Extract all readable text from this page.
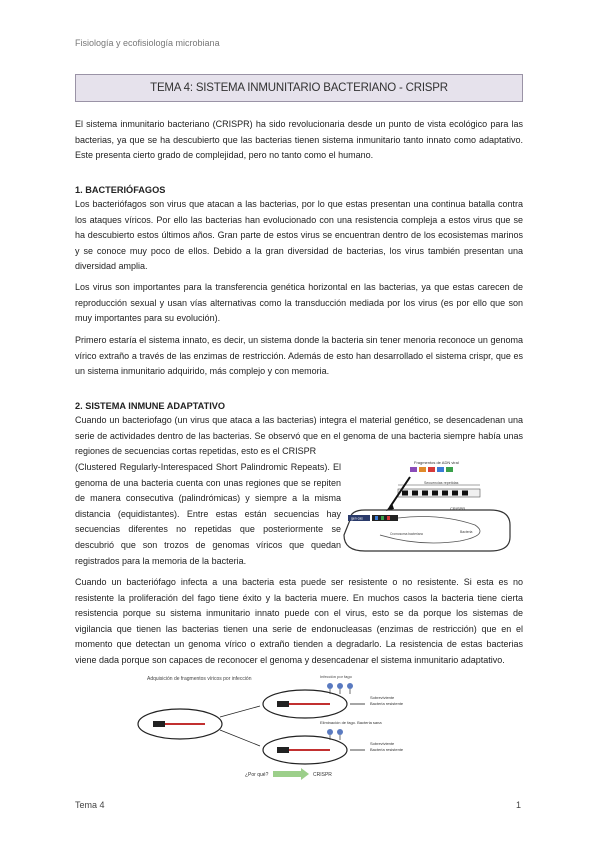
Fisiología y ecofisiología microbiana
TEMA 4: SISTEMA INMUNITARIO BACTERIANO - CRISPR

El sistema inmunitario bacteriano (CRISPR) ha sido revolucionaria desde un punto de vista ecológico para las bacterias, ya que se ha descubierto que las bacterias tienen sistema inmunitario tanto innato como adaptativo. Este presenta cierto grado de complejidad, pero no tanto como el humano.

1. BACTERIÓFAGOS

Los bacteriófagos son virus que atacan a las bacterias, por lo que estas presentan una continua batalla contra los ataques víricos. Por ello las bacterias han evolucionado con una resistencia compleja a estos virus que se ha descubierto estos últimos años. Gran parte de estos virus se encuentran dentro de los ecosistemas marinos y se conoce muy poco de ellos. Debido a la gran diversidad de bacterias, los virus también presentan una diversidad amplia.

Los virus son importantes para la transferencia genética horizontal en las bacterias, ya que estas carecen de reproducción sexual y usan vías alternativas como la transducción mediada por los virus (es por ello que son muy importantes para su evolución).

Primero estaría el sistema innato, es decir, un sistema donde la bacteria sin tener menoria reconoce un genoma vírico extraño a través de las enzimas de restricción. Además de esto han desarrollado el sistema crispr, que es un sistema inmunitario adquirido, más complejo y con memoria.

2. SISTEMA INMUNE ADAPTATIVO

Cuando un bacteriofago (un virus que ataca a las bacterias) integra el material genético, se desencadenan una serie de actividades dentro de las bacterias. Se observó que en el genoma de una bacteria siempre había unas regiones de secuencias cortas repetidas, esto es el CRISPR

(Clustered Regularly-Interespaced Short Palindromic Repeats). El genoma de una bacteria cuenta con unas regiones que se repiten de manera consecutiva (palindrómicas) y siempre a la misma distancia (equidistantes). Entre estas están secuencias hay secuencias diferentes no repetidas que posteriormente se descubrió que son trozos de genomas víricos que quedan registrados para la memoria de la bacteria.

Fragmentos de ADN viral
Secuencias repetidas
CRISPR
gen cas
Cromosoma bacteriano	Bacteria

Cuando un bacteriófago infecta a una bacteria esta puede ser resistente o no resistente. Si esta es no resistente la proliferación del fago tiene éxito y la bacteria muere. En muchos casos la bacteria tiene cierta resistencia porque su sistema inmunitario innato puede con el virus, esto se da porque los sistemas de vigilancia que tienen las bacterias tienen una serie de endonucleasas (enzimas de restricción) que en el momento que detectan un genoma vírico o extraño tienden a degradarlo. La resistencia de estas bacterias viene dada porque son capaces de reconocer el genoma y desencadenar el sistema inmunitario adaptativo.

Adquisición de fragmentos víricos por infección	Infección por fago
Sobreviviente
Bacteria resistente
Eliminación de fago. Bacteria sana
Sobreviviente
Bacteria resistente
¿Por qué?	CRISPR
Tema 4	1
